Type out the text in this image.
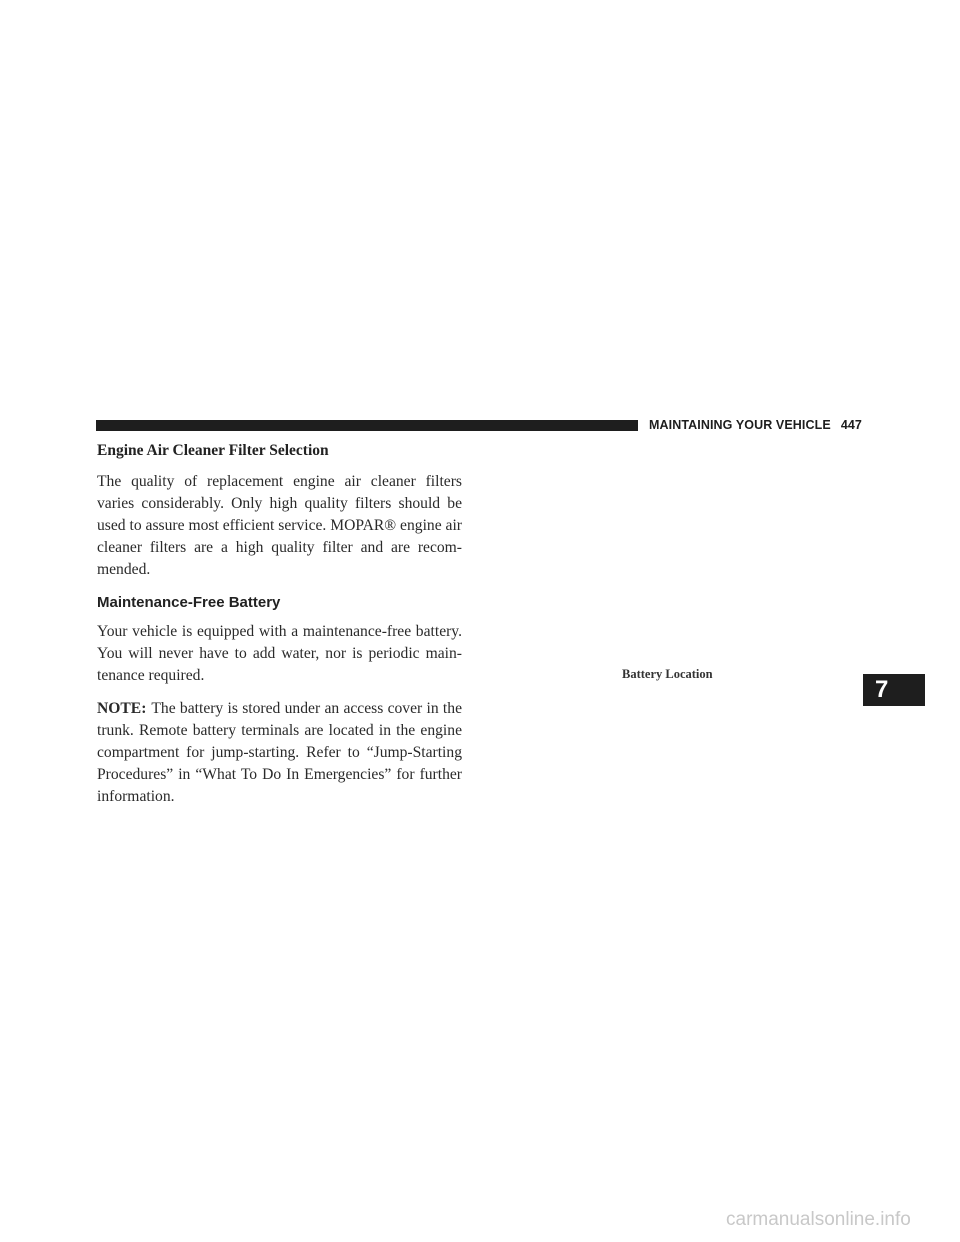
MAINTAINING YOUR VEHICLE 447
Engine Air Cleaner Filter Selection

The quality of replacement engine air cleaner filters
varies considerably. Only high quality filters should be
used to assure most efficient service. MOPAR® engine air
cleaner filters are a high quality filter and are recom-
mended.

Maintenance-Free Battery

Your vehicle is equipped with a maintenance-free battery.
You will never have to add water, nor is periodic main-
tenance required.

NOTE: The battery is stored under an access cover in the
trunk. Remote battery terminals are located in the engine
compartment for jump-starting. Refer to “Jump-Starting
Procedures” in “What To Do In Emergencies” for further
information.

Battery Location
7
carmanualsonline.info
